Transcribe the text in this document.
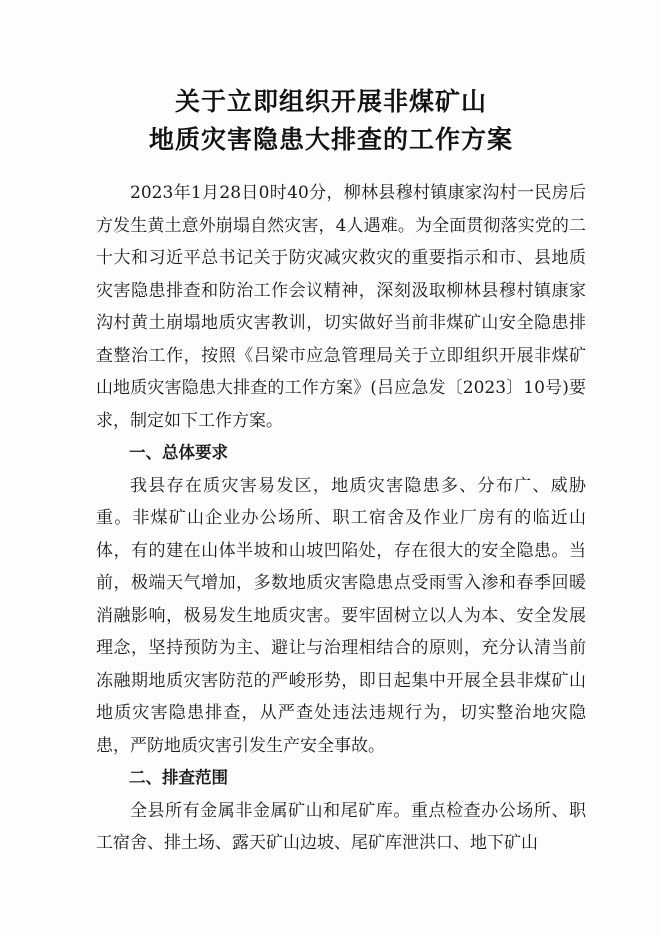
关于立即组织开展非煤矿山
地质灾害隐患大排查的工作方案

2023年1月28日0时40分，柳林县穆村镇康家沟村一民房后方发生黄土意外崩塌自然灾害，4人遇难。为全面贯彻落实党的二十大和习近平总书记关于防灾减灾救灾的重要指示和市、县地质灾害隐患排查和防治工作会议精神，深刻汲取柳林县穆村镇康家沟村黄土崩塌地质灾害教训，切实做好当前非煤矿山安全隐患排查整治工作，按照《吕梁市应急管理局关于立即组织开展非煤矿山地质灾害隐患大排查的工作方案》(吕应急发〔2023〕10号)要求，制定如下工作方案。

一、总体要求

我县存在质灾害易发区，地质灾害隐患多、分布广、威胁重。非煤矿山企业办公场所、职工宿舍及作业厂房有的临近山体，有的建在山体半坡和山坡凹陷处，存在很大的安全隐患。当前，极端天气增加，多数地质灾害隐患点受雨雪入渗和春季回暖消融影响，极易发生地质灾害。要牢固树立以人为本、安全发展理念，坚持预防为主、避让与治理相结合的原则，充分认清当前冻融期地质灾害防范的严峻形势，即日起集中开展全县非煤矿山地质灾害隐患排查，从严查处违法违规行为，切实整治地灾隐患，严防地质灾害引发生产安全事故。

二、排查范围

全县所有金属非金属矿山和尾矿库。重点检查办公场所、职工宿舍、排土场、露天矿山边坡、尾矿库泄洪口、地下矿山
